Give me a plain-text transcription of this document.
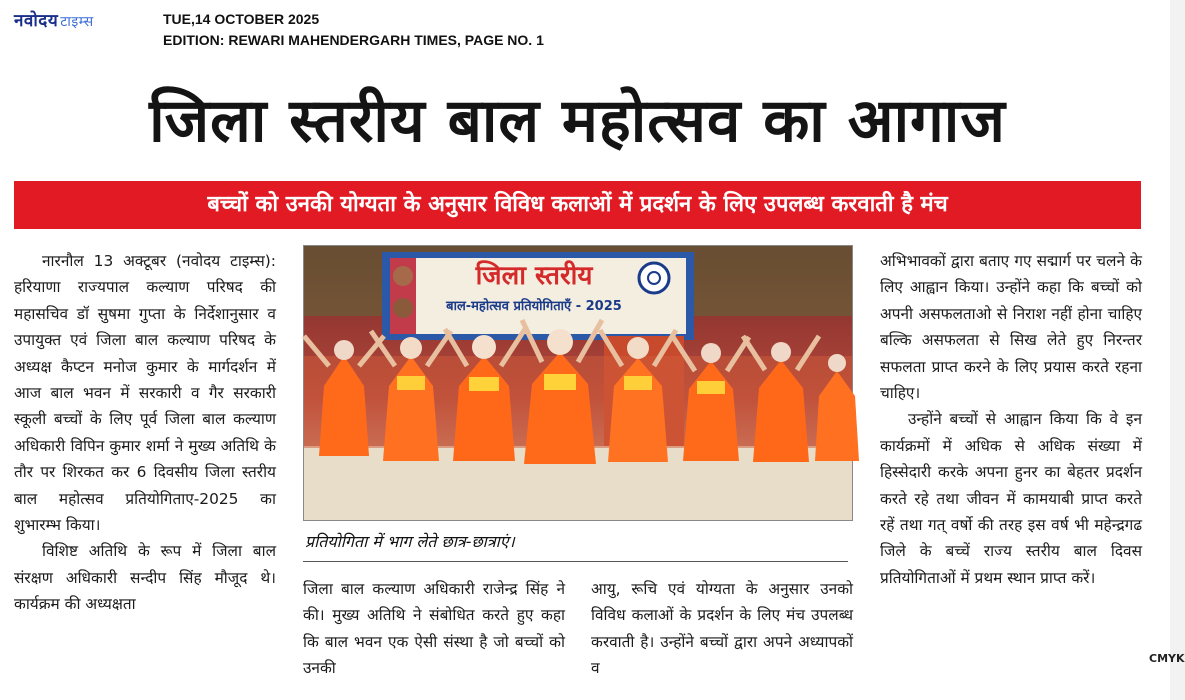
नवोदय टाइम्स	TUE,14 OCTOBER 2025
EDITION: REWARI MAHENDERGARH TIMES, PAGE NO. 1
जिला स्तरीय बाल महोत्सव का आगाज
बच्चों को उनकी योग्यता के अनुसार विविध कलाओं में प्रदर्शन के लिए उपलब्ध करवाती है मंच

नारनौल 13 अक्टूबर (नवोदय टाइम्स): हरियाणा राज्यपाल कल्याण परिषद की महासचिव डॉ सुषमा गुप्ता के निर्देशानुसार व उपायुक्त एवं जिला बाल कल्याण परिषद के अध्यक्ष कैप्टन मनोज कुमार के मार्गदर्शन में आज बाल भवन में सरकारी व गैर सरकारी स्कूली बच्चों के लिए पूर्व जिला बाल कल्याण अधिकारी विपिन कुमार शर्मा ने मुख्य अतिथि के तौर पर शिरकत कर 6 दिवसीय जिला स्तरीय बाल महोत्सव प्रतियोगिताए-2025 का शुभारम्भ किया।

विशिष्ट अतिथि के रूप में जिला बाल संरक्षण अधिकारी सन्दीप सिंह मौजूद थे। कार्यक्रम की अध्यक्षता

जिला स्तरीय
बाल-महोत्सव प्रतियोगिताएँ - 2025
प्रतियोगिता में भाग लेते छात्र-छात्राएं।

जिला बाल कल्याण अधिकारी राजेन्द्र सिंह ने की। मुख्य अतिथि ने संबोधित करते हुए कहा कि बाल भवन एक ऐसी संस्था है जो बच्चों को उनकी

आयु, रूचि एवं योग्यता के अनुसार उनको विविध कलाओं के प्रदर्शन के लिए मंच उपलब्ध करवाती है। उन्होंने बच्चों द्वारा अपने अध्यापकों व

अभिभावकों द्वारा बताए गए सद्मार्ग पर चलने के लिए आह्वान किया। उन्होंने कहा कि बच्चों को अपनी असफलताओ से निराश नहीं होना चाहिए बल्कि असफलता से सिख लेते हुए निरन्तर सफलता प्राप्त करने के लिए प्रयास करते रहना चाहिए।

उन्होंने बच्चों से आह्वान किया कि वे इन कार्यक्रमों में अधिक से अधिक संख्या में हिस्सेदारी करके अपना हुनर का बेहतर प्रदर्शन करते रहे तथा जीवन में कामयाबी प्राप्त करते रहें तथा गत् वर्षो की तरह इस वर्ष भी महेन्द्रगढ जिले के बच्चें राज्य स्तरीय बाल दिवस प्रतियोगिताओं में प्रथम स्थान प्राप्त करें।

CMYK
